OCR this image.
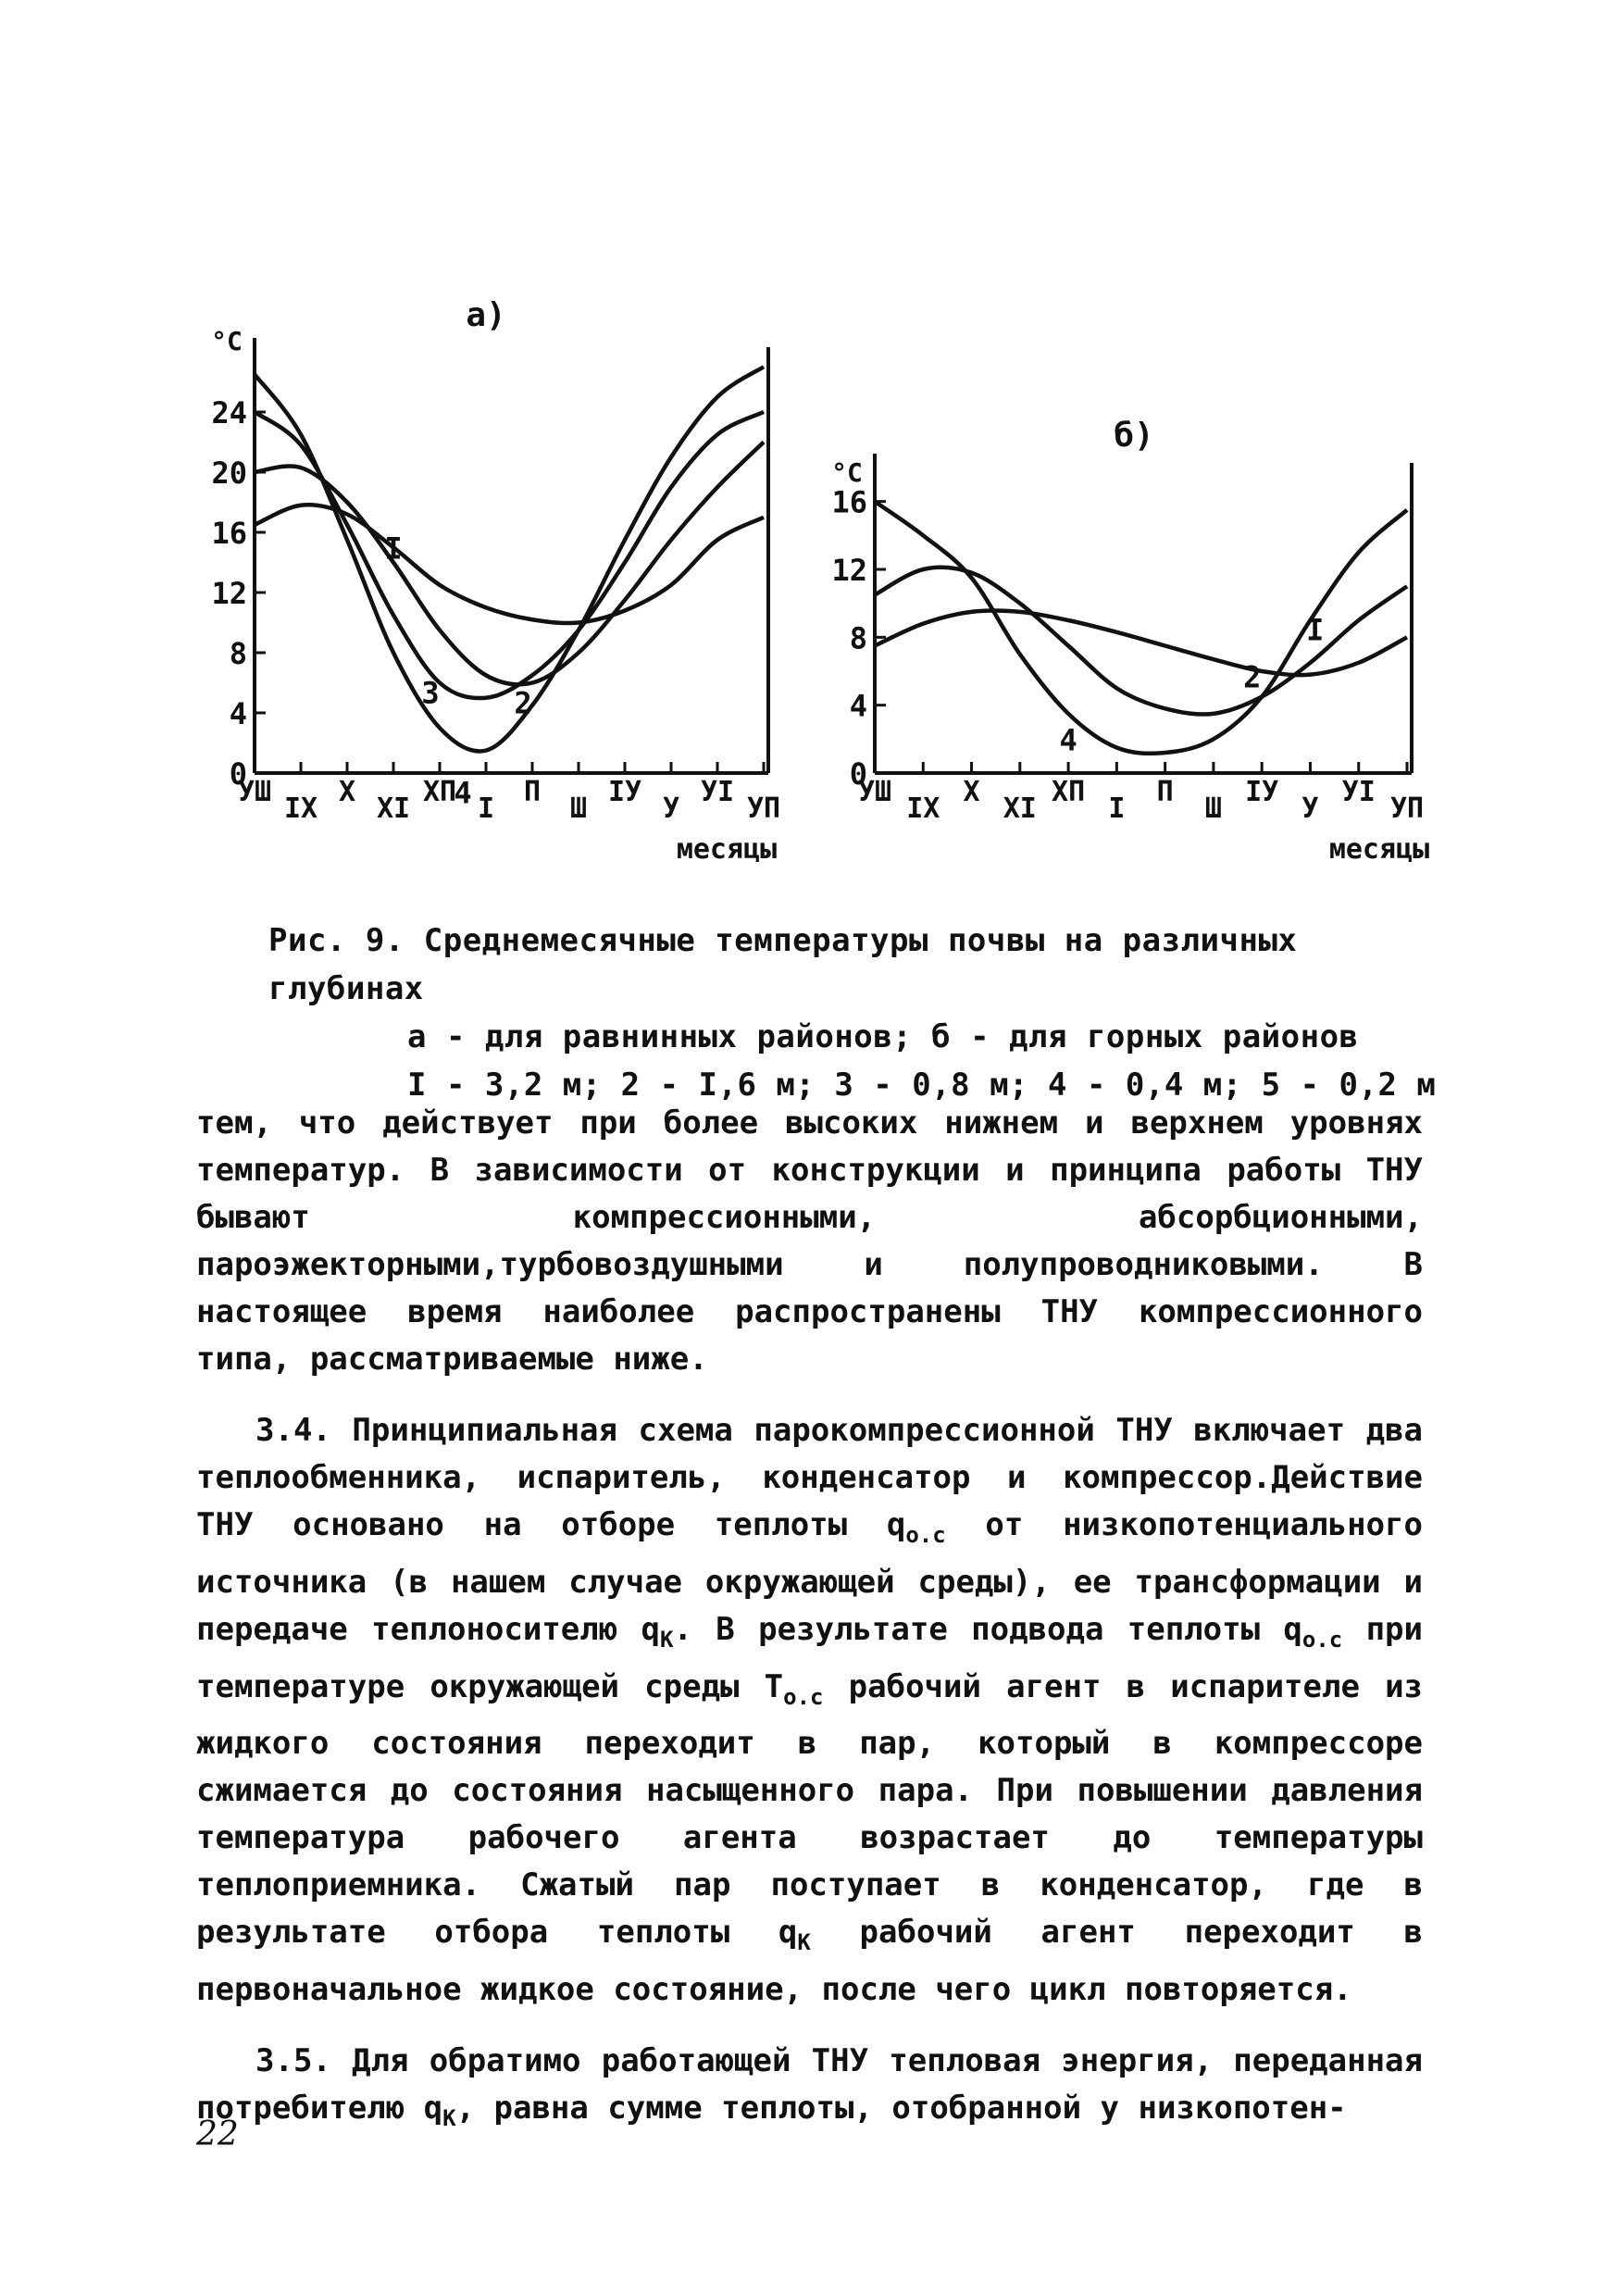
а)
°С
месяцы
0
4
8
12
16
20
24
УШ
IX
X
XI
XП
I
П
Ш
IУ
У
УI
УП
I
2
3
4
б)
°С
месяцы
0
4
8
12
16
УШ
IX
X
XI
XП
I
П
Ш
IУ
У
УI
УП
I
2
4
Рис. 9. Среднемесячные температуры почвы на различных глубинах
а - для равнинных районов; б - для горных районов
I - 3,2 м; 2 - I,6 м; 3 - 0,8 м; 4 - 0,4 м; 5 - 0,2 м

тем, что действует при более высоких нижнем и верхнем уровнях температур. В зависимости от конструкции и принципа работы ТНУ бывают компрессионными, абсорбционными, пароэжекторными,турбовоздушными и полупроводниковыми. В настоящее время наиболее распространены ТНУ компрессионного типа, рассматриваемые ниже.

3.4. Принципиальная схема парокомпрессионной ТНУ включает два теплообменника, испаритель, конденсатор и компрессор.Действие ТНУ основано на отборе теплоты $q_{о.с}$ от низкопотенциального источника (в нашем случае окружающей среды), ее трансформации и передаче теплоносителю $q_К$. В результате подвода теплоты $q_{о.с}$ при температуре окружающей среды $T_{о.с}$ рабочий агент в испарителе из жидкого состояния переходит в пар, который в компрессоре сжимается до состояния насыщенного пара. При повышении давления температура рабочего агента возрастает до температуры теплоприемника. Сжатый пар поступает в конденсатор, где в результате отбора теплоты $q_К$ рабочий агент переходит в первоначальное жидкое состояние, после чего цикл повторяется.

3.5. Для обратимо работающей ТНУ тепловая энергия, переданная потребителю $q_К$, равна сумме теплоты, отобранной у низкопотен-

22
